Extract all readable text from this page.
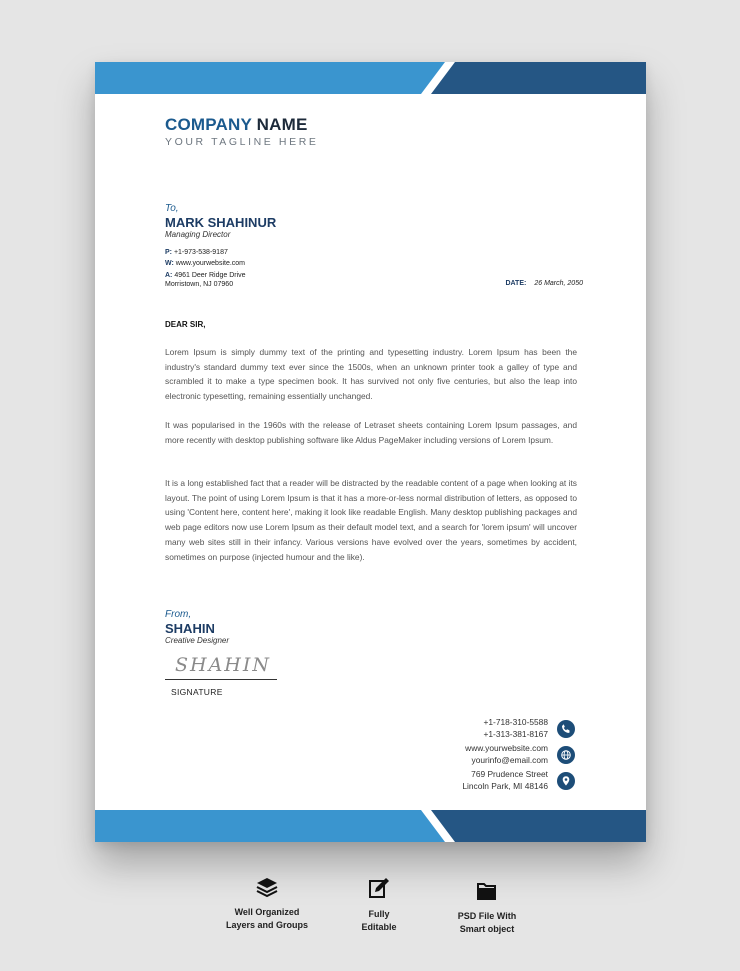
COMPANY NAME
YOUR TAGLINE HERE
To,
MARK SHAHINUR
Managing Director
P: +1-973-538-9187
W: www.yourwebsite.com
A: 4961 Deer Ridge Drive
Morristown, NJ 07960	DATE: 26 March, 2050
DEAR SIR,

Lorem Ipsum is simply dummy text of the printing and typesetting industry. Lorem Ipsum has been the industry's standard dummy text ever since the 1500s, when an unknown printer took a galley of type and scrambled it to make a type specimen book. It has survived not only five centuries, but also the leap into electronic typesetting, remaining essentially unchanged.

It was popularised in the 1960s with the release of Letraset sheets containing Lorem Ipsum passages, and more recently with desktop publishing software like Aldus PageMaker including versions of Lorem Ipsum.

It is a long established fact that a reader will be distracted by the readable content of a page when looking at its layout. The point of using Lorem Ipsum is that it has a more-or-less normal distribution of letters, as opposed to using 'Content here, content here', making it look like readable English. Many desktop publishing packages and web page editors now use Lorem Ipsum as their default model text, and a search for 'lorem ipsum' will uncover many web sites still in their infancy. Various versions have evolved over the years, sometimes by accident, sometimes on purpose (injected humour and the like).

From,
SHAHIN
Creative Designer
SHAHIN
SIGNATURE
+1-718-310-5588
+1-313-381-8167
www.yourwebsite.com
yourinfo@email.com
769 Prudence Street
Lincoln Park, MI 48146
Well Organized
Layers and Groups
Fully
Editable
PSD File With
Smart object
